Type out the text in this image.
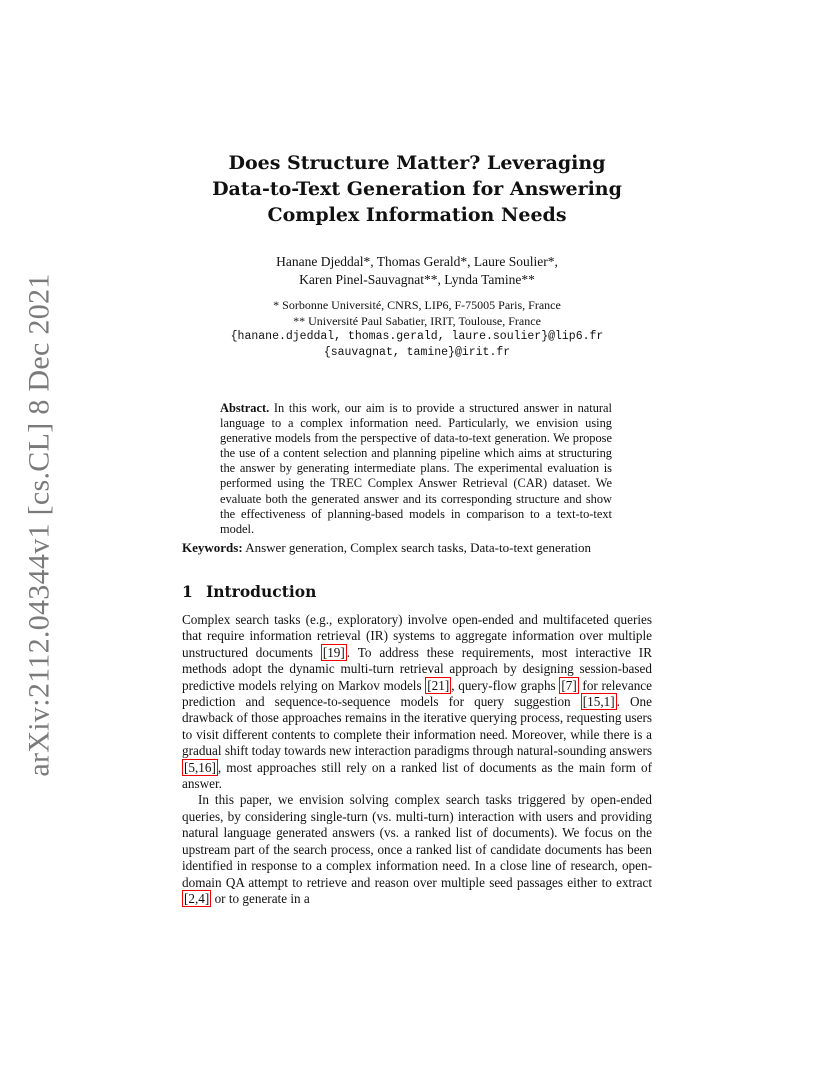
arXiv:2112.04344v1 [cs.CL] 8 Dec 2021
Does Structure Matter? Leveraging
Data-to-Text Generation for Answering
Complex Information Needs
Hanane Djeddal*, Thomas Gerald*, Laure Soulier*,
Karen Pinel-Sauvagnat**, Lynda Tamine**
* Sorbonne Université, CNRS, LIP6, F-75005 Paris, France
** Université Paul Sabatier, IRIT, Toulouse, France
{hanane.djeddal, thomas.gerald, laure.soulier}@lip6.fr
{sauvagnat, tamine}@irit.fr
Abstract. In this work, our aim is to provide a structured answer in natural language to a complex information need. Particularly, we envision using generative models from the perspective of data-to-text generation. We propose the use of a content selection and planning pipeline which aims at structuring the answer by generating intermediate plans. The experimental evaluation is performed using the TREC Complex Answer Retrieval (CAR) dataset. We evaluate both the generated answer and its corresponding structure and show the effectiveness of planning-based models in comparison to a text-to-text model.
Keywords: Answer generation, Complex search tasks, Data-to-text generation
1 Introduction

Complex search tasks (e.g., exploratory) involve open-ended and multifaceted queries that require information retrieval (IR) systems to aggregate information over multiple unstructured documents [19] . To address these requirements, most interactive IR methods adopt the dynamic multi-turn retrieval approach by designing session-based predictive models relying on Markov models [21] , query-flow graphs [7] for relevance prediction and sequence-to-sequence models for query suggestion [15,1] . One drawback of those approaches remains in the iterative querying process, requesting users to visit different contents to complete their information need. Moreover, while there is a gradual shift today towards new interaction paradigms through natural-sounding answers [5,16] , most approaches still rely on a ranked list of documents as the main form of answer.

In this paper, we envision solving complex search tasks triggered by open-ended queries, by considering single-turn (vs. multi-turn) interaction with users and providing natural language generated answers (vs. a ranked list of documents). We focus on the upstream part of the search process, once a ranked list of candidate documents has been identified in response to a complex information need. In a close line of research, open-domain QA attempt to retrieve and reason over multiple seed passages either to extract [2,4] or to generate in a
